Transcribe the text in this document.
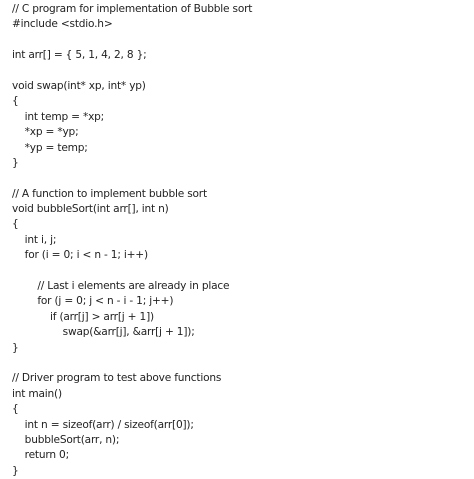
// C program for implementation of Bubble sort
#include <stdio.h>
int arr[] = { 5, 1, 4, 2, 8 };
void swap(int* xp, int* yp)
{
int temp = *xp;
*xp = *yp;
*yp = temp;
}
// A function to implement bubble sort
void bubbleSort(int arr[], int n)
{
int i, j;
for (i = 0; i < n - 1; i++)
// Last i elements are already in place
for (j = 0; j < n - i - 1; j++)
if (arr[j] > arr[j + 1])
swap(&arr[j], &arr[j + 1]);
}
// Driver program to test above functions
int main()
{
int n = sizeof(arr) / sizeof(arr[0]);
bubbleSort(arr, n);
return 0;
}
